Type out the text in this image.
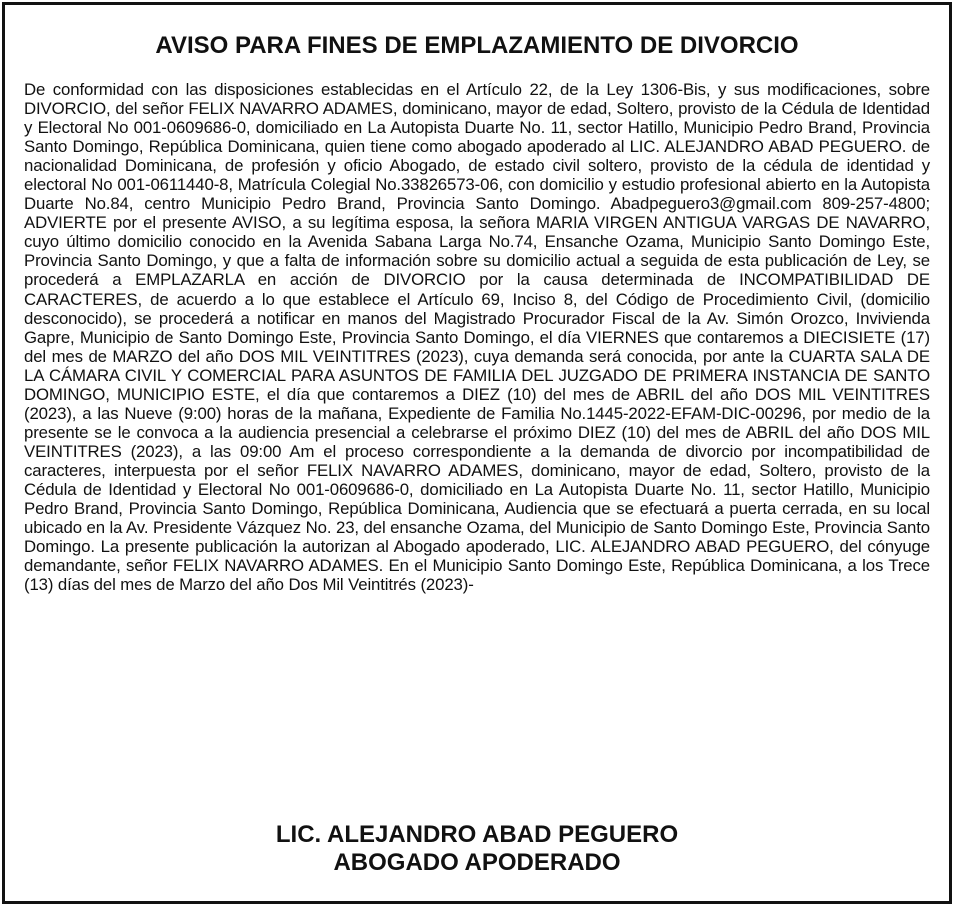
AVISO PARA FINES DE EMPLAZAMIENTO DE DIVORCIO

De conformidad con las disposiciones establecidas en el Artículo 22, de la Ley 1306-Bis, y sus modificaciones, sobre DIVORCIO, del señor FELIX NAVARRO ADAMES, dominicano, mayor de edad, Soltero, provisto de la Cédula de Identidad y Electoral No 001-0609686-0, domiciliado en La Autopista Duarte No. 11, sector Hatillo, Municipio Pedro Brand, Provincia Santo Domingo, República Dominicana, quien tiene como abogado apoderado al LIC. ALEJANDRO ABAD PEGUERO. de nacionalidad Dominicana, de profesión y oficio Abogado, de estado civil soltero, provisto de la cédula de identidad y electoral No 001-0611440-8, Matrícula Colegial No.33826573-06, con domicilio y estudio profesional abierto en la Autopista Duarte No.84, centro Municipio Pedro Brand, Provincia Santo Domingo. Abadpeguero3@gmail.com 809-257-4800; ADVIERTE por el presente AVISO, a su legítima esposa, la señora MARIA VIRGEN ANTIGUA VARGAS DE NAVARRO, cuyo último domicilio conocido en la Avenida Sabana Larga No.74, Ensanche Ozama, Municipio Santo Domingo Este, Provincia Santo Domingo, y que a falta de información sobre su domicilio actual a seguida de esta publicación de Ley, se procederá a EMPLAZARLA en acción de DIVORCIO por la causa determinada de INCOMPATIBILIDAD DE CARACTERES, de acuerdo a lo que establece el Artículo 69, Inciso 8, del Código de Procedimiento Civil, (domicilio desconocido), se procederá a notificar en manos del Magistrado Procurador Fiscal de la Av. Simón Orozco, Invivienda Gapre, Municipio de Santo Domingo Este, Provincia Santo Domingo, el día VIERNES que contaremos a DIECISIETE (17) del mes de MARZO del año DOS MIL VEINTITRES (2023), cuya demanda será conocida, por ante la CUARTA SALA DE LA CÁMARA CIVIL Y COMERCIAL PARA ASUNTOS DE FAMILIA DEL JUZGADO DE PRIMERA INSTANCIA DE SANTO DOMINGO, MUNICIPIO ESTE, el día que contaremos a DIEZ (10) del mes de ABRIL del año DOS MIL VEINTITRES (2023), a las Nueve (9:00) horas de la mañana, Expediente de Familia No.1445-2022-EFAM-DIC-00296, por medio de la presente se le convoca a la audiencia presencial a celebrarse el próximo DIEZ (10) del mes de ABRIL del año DOS MIL VEINTITRES (2023), a las 09:00 Am el proceso correspondiente a la demanda de divorcio por incompatibilidad de caracteres, interpuesta por el señor FELIX NAVARRO ADAMES, dominicano, mayor de edad, Soltero, provisto de la Cédula de Identidad y Electoral No 001-0609686-0, domiciliado en La Autopista Duarte No. 11, sector Hatillo, Municipio Pedro Brand, Provincia Santo Domingo, República Dominicana, Audiencia que se efectuará a puerta cerrada, en su local ubicado en la Av. Presidente Vázquez No. 23, del ensanche Ozama, del Municipio de Santo Domingo Este, Provincia Santo Domingo. La presente publicación la autorizan al Abogado apoderado, LIC. ALEJANDRO ABAD PEGUERO, del cónyuge demandante, señor FELIX NAVARRO ADAMES. En el Municipio Santo Domingo Este, República Dominicana, a los Trece (13) días del mes de Marzo del año Dos Mil Veintitrés (2023)-

LIC. ALEJANDRO ABAD PEGUERO
ABOGADO APODERADO
